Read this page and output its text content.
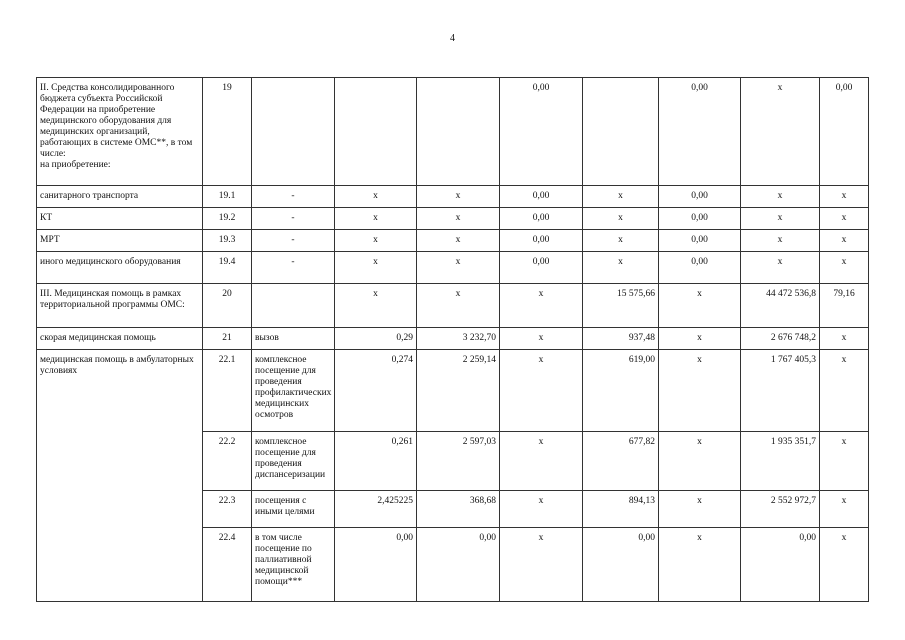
4
II. Средства консолидированного бюджета субъекта Российской Федерации на приобретение медицинского оборудования для медицинских организаций, работающих в системе ОМС**, в том числе:
на приобретение:	19				0,00		0,00	х	0,00
санитарного транспорта	19.1	-	х	х	0,00	х	0,00	х	х
КТ	19.2	-	х	х	0,00	х	0,00	х	х
МРТ	19.3	-	х	х	0,00	х	0,00	х	х
иного медицинского оборудования	19.4	-	х	х	0,00	х	0,00	х	х
III. Медицинская помощь в рамках территориальной программы ОМС:	20		х	х	х	15 575,66	х	44 472 536,8	79,16
скорая медицинская помощь	21	вызов	0,29	3 232,70	х	937,48	х	2 676 748,2	х
медицинская помощь в амбулаторных условиях	22.1	комплексное посещение для проведения профилактических медицинских осмотров	0,274	2 259,14	х	619,00	х	1 767 405,3	х
	22.2	комплексное посещение для проведения диспансеризации	0,261	2 597,03	х	677,82	х	1 935 351,7	х
	22.3	посещения с иными целями	2,425225	368,68	х	894,13	х	2 552 972,7	х
	22.4	в том числе посещение по паллиативной медицинской помощи***	0,00	0,00	х	0,00	х	0,00	х
